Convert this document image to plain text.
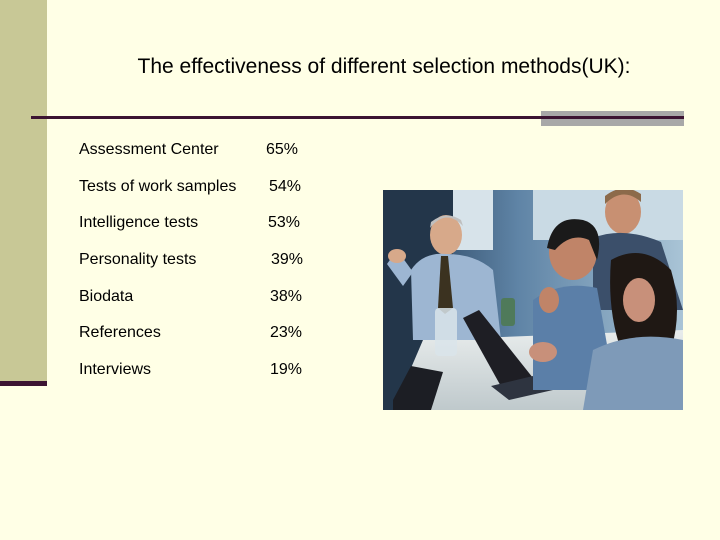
The effectiveness of different selection methods(UK):
Assessment Center	65%
Tests of work samples 54%
Intelligence tests	53%
Personality tests	39%
Biodata	38%
References	23%
Interviews	19%
